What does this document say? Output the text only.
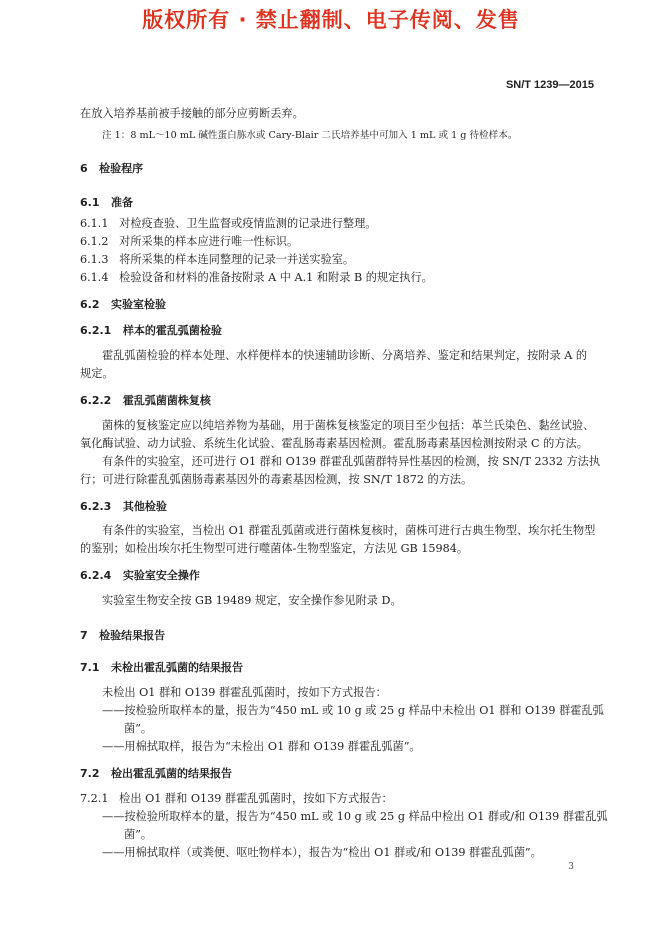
版权所有 · 禁止翻制、电子传阅、发售
SN/T 1239—2015
在放入培养基前被手接触的部分应剪断丢弃。
注 1：8 mL～10 mL 碱性蛋白胨水或 Cary-Blair 二氏培养基中可加入 1 mL 或 1 g 待检样本。
6 检验程序
6.1 准备
6.1.1 对检疫查验、卫生监督或疫情监测的记录进行整理。
6.1.2 对所采集的样本应进行唯一性标识。
6.1.3 将所采集的样本连同整理的记录一并送实验室。
6.1.4 检验设备和材料的准备按附录 A 中 A.1 和附录 B 的规定执行。
6.2 实验室检验
6.2.1 样本的霍乱弧菌检验
霍乱弧菌检验的样本处理、水样便样本的快速辅助诊断、分离培养、鉴定和结果判定，按附录 A 的
规定。
6.2.2 霍乱弧菌菌株复核
菌株的复核鉴定应以纯培养物为基础，用于菌株复核鉴定的项目至少包括：革兰氏染色、黏丝试验、
氧化酶试验、动力试验、系统生化试验、霍乱肠毒素基因检测。霍乱肠毒素基因检测按附录 C 的方法。
有条件的实验室，还可进行 O1 群和 O139 群霍乱弧菌群特异性基因的检测，按 SN/T 2332 方法执
行；可进行除霍乱弧菌肠毒素基因外的毒素基因检测，按 SN/T 1872 的方法。
6.2.3 其他检验
有条件的实验室，当检出 O1 群霍乱弧菌或进行菌株复核时，菌株可进行古典生物型、埃尔托生物型
的鉴别；如检出埃尔托生物型可进行噬菌体-生物型鉴定，方法见 GB 15984。
6.2.4 实验室安全操作
实验室生物安全按 GB 19489 规定，安全操作参见附录 D。
7 检验结果报告
7.1 未检出霍乱弧菌的结果报告
未检出 O1 群和 O139 群霍乱弧菌时，按如下方式报告：
——按检验所取样本的量，报告为“450 mL 或 10 g 或 25 g 样品中未检出 O1 群和 O139 群霍乱弧
菌”。
——用棉拭取样，报告为“未检出 O1 群和 O139 群霍乱弧菌”。
7.2 检出霍乱弧菌的结果报告
7.2.1 检出 O1 群和 O139 群霍乱弧菌时，按如下方式报告：
——按检验所取样本的量，报告为“450 mL 或 10 g 或 25 g 样品中检出 O1 群或/和 O139 群霍乱弧
菌”。
——用棉拭取样（或粪便、呕吐物样本），报告为“检出 O1 群或/和 O139 群霍乱弧菌”。
3
